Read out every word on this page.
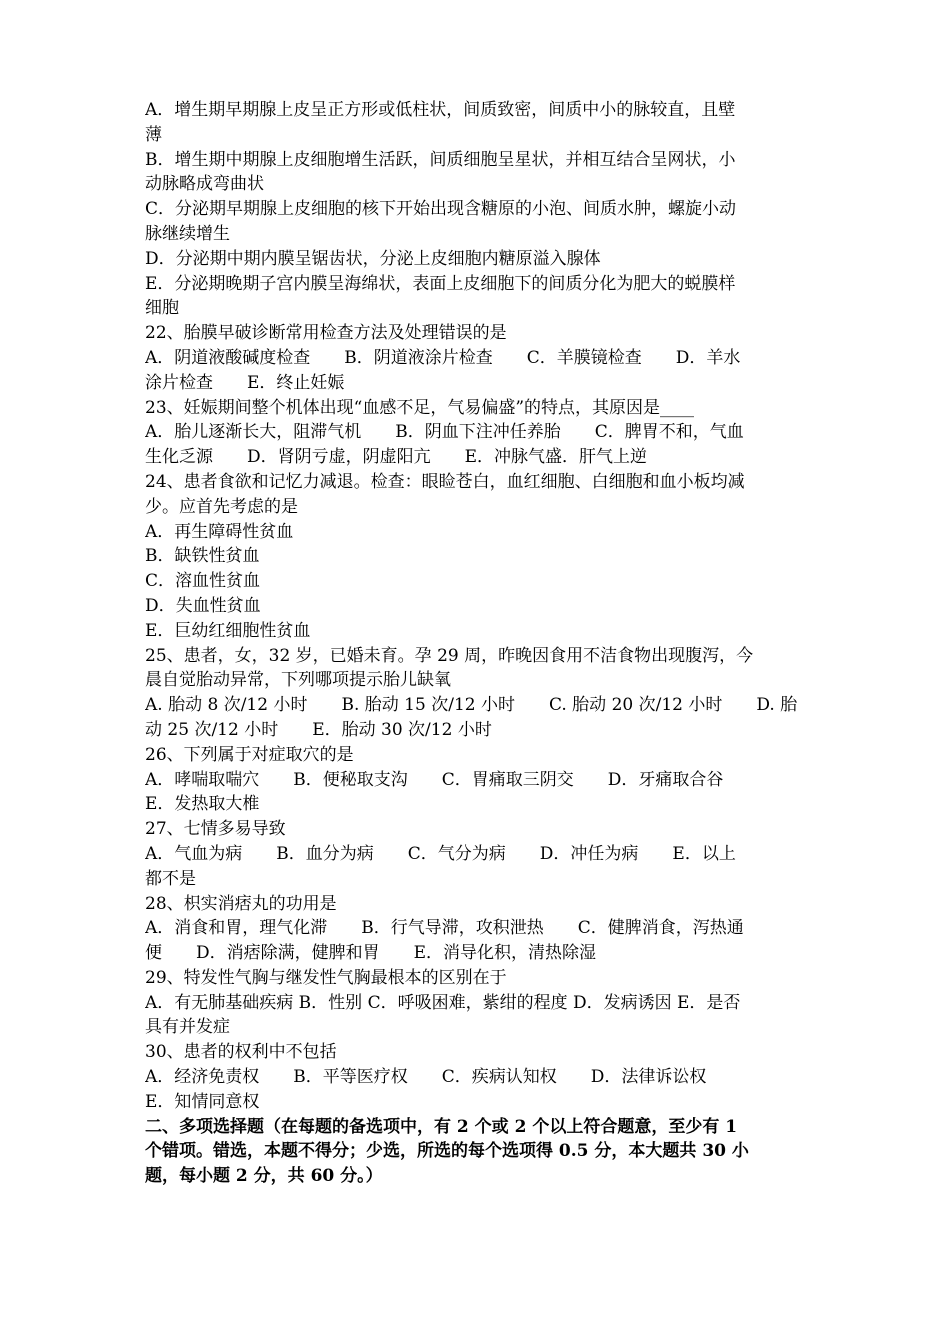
A．增生期早期腺上皮呈正方形或低柱状，间质致密，间质中小的脉较直，且壁
薄
B．增生期中期腺上皮细胞增生活跃，间质细胞呈星状，并相互结合呈网状，小
动脉略成弯曲状
C．分泌期早期腺上皮细胞的核下开始出现含糖原的小泡、间质水肿，螺旋小动
脉继续增生
D．分泌期中期内膜呈锯齿状，分泌上皮细胞内糖原溢入腺体
E．分泌期晚期子宫内膜呈海绵状，表面上皮细胞下的间质分化为肥大的蜕膜样
细胞
22、胎膜早破诊断常用检查方法及处理错误的是
A．阴道液酸碱度检查　　B．阴道液涂片检查　　C．羊膜镜检查　　D．羊水
涂片检查　　E．终止妊娠
23、妊娠期间整个机体出现“血感不足，气易偏盛”的特点，其原因是____
A．胎儿逐渐长大，阻滞气机　　B．阴血下注冲任养胎　　C．脾胃不和，气血
生化乏源　　D．肾阴亏虚，阴虚阳亢　　E．冲脉气盛．肝气上逆
24、患者食欲和记忆力减退。检查：眼睑苍白，血红细胞、白细胞和血小板均减
少。应首先考虑的是
A．再生障碍性贫血
B．缺铁性贫血
C．溶血性贫血
D．失血性贫血
E．巨幼红细胞性贫血
25、患者，女，32 岁，已婚未育。孕 29 周，昨晚因食用不洁食物出现腹泻，今
晨自觉胎动异常，下列哪项提示胎儿缺氧
A. 胎动 8 次/12 小时　　B. 胎动 15 次/12 小时　　C. 胎动 20 次/12 小时　　D. 胎
动 25 次/12 小时　　E．胎动 30 次/12 小时
26、下列属于对症取穴的是
A．哮喘取喘穴　　B．便秘取支沟　　C．胃痛取三阴交　　D．牙痛取合谷
E．发热取大椎
27、七情多易导致
A．气血为病　　B．血分为病　　C．气分为病　　D．冲任为病　　E．以上
都不是
28、枳实消痞丸的功用是
A．消食和胃，理气化滞　　B．行气导滞，攻积泄热　　C．健脾消食，泻热通
便　　D．消痞除满，健脾和胃　　E．消导化积，清热除湿
29、特发性气胸与继发性气胸最根本的区别在于
A．有无肺基础疾病 B．性别 C．呼吸困难，紫绀的程度 D．发病诱因 E．是否
具有并发症
30、患者的权利中不包括
A．经济免责权　　B．平等医疗权　　C．疾病认知权　　D．法律诉讼权
E．知情同意权
二、多项选择题（在每题的备选项中，有 2 个或 2 个以上符合题意，至少有 1
个错项。错选，本题不得分；少选，所选的每个选项得 0.5 分，本大题共 30 小
题，每小题 2 分，共 60 分。）
